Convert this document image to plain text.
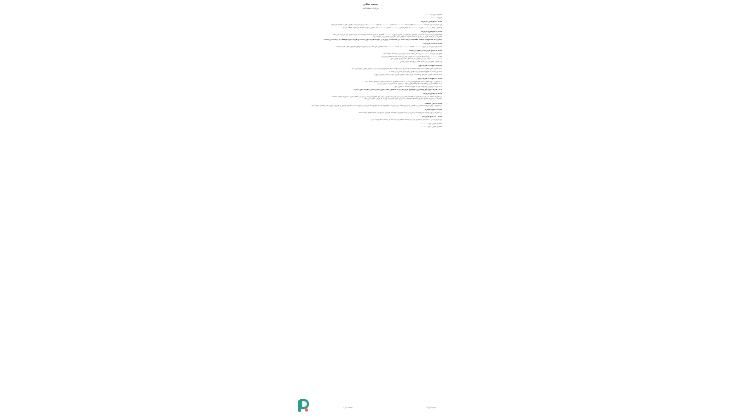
بسمه تعالی
قرارداد مشارکت
شماره قرارداد: ..........
تاریخ: ..........
ماده ۱: طرفین قرارداد
این قرارداد بین شرکت ............ به شماره ثبت ............ به نشانی ............ و تلفن ............ که در این قرارداد «طرف اول» نامیده می‌شود
و آقای / خانم ............ فرزند ............ به شماره ملی ............ ساکن ............ که «طرف دوم» نامیده می‌شود، منعقد گردید.
ماده ۲: موضوع قرارداد
موضوع قرارداد عبارت است از همکاری طرفین در اجرای پروژه ............ مطابق با شرح خدمات پیوست که جزء لاینفک این قرارداد می‌باشد.
تبصره ۱: هرگونه تغییر در شرح خدمات صرفاً با توافق کتبی طرفین امکان‌پذیر خواهد بود.
تبصره ۲: مسئولیت صحت اطلاعات ارائه شده در مستندات پروژه بر عهده طرف اول است و طرف دوم موظف به رعایت آن است.
ماده ۳: مدت قرارداد
مدت این قرارداد از تاریخ ............ لغایت ............ به مدت ............ ماه شمسی می‌باشد و در صورت توافق طرفین قابل تمدید است.
ماده ۴: مبلغ قرارداد و نحوه پرداخت
مبلغ کل قرارداد ............ ریال می‌باشد که به شرح ذیل پرداخت خواهد شد:
الف) ............ درصد مبلغ قرارداد به عنوان پیش‌پرداخت هنگام امضای قرارداد
ب) ............ درصد پس از تحویل مرحله اول کار و تأیید طرف اول
ج) مابقی مبلغ پس از اتمام کامل پروژه و تحویل نهایی
ماده ۵: تعهدات طرف اول
۵-۱- طرف اول متعهد است کلیه اطلاعات و مدارک لازم جهت انجام موضوع قرارداد را در اختیار طرف دوم قرار دهد.
۵-۲- پرداخت به موقع مبالغ قرارداد طبق زمان‌بندی مندرج در ماده ۴
۵-۳- فراهم نمودن شرایط و امکانات لازم جهت حضور طرف دوم در محل اجرای پروژه
ماده ۶: تعهدات طرف دوم
۶-۱- طرف دوم متعهد است موضوع قرارداد را با دقت و مطابق با استانداردهای حرفه‌ای انجام دهد.
۶-۲- حفظ اسرار و اطلاعات محرمانه طرف اول در طول مدت قرارداد و پس از آن
۶-۳- ارائه گزارش پیشرفت کار به صورت ماهانه به طرف اول
۶-۴- طرف دوم حق واگذاری موضوع قرارداد را به شخص ثالث بدون اجازه کتبی طرف اول ندارد.
ماده ۷: فسخ قرارداد
در صورت تخلف هر یک از طرفین از تعهدات مندرج در این قرارداد، طرف دیگر حق فسخ قرارداد را پس از اخطار کتبی ده روزه خواهد داشت.
تبصره: در صورت فسخ، طرف متخلف موظف به جبران کلیه خسارات وارده به طرف مقابل می‌باشد.
ماده ۸: حل اختلاف
در صورت بروز هرگونه اختلاف در تفسیر یا اجرای مفاد این قرارداد، موضوع ابتدا از طریق مذاکره و در صورت عدم حصول توافق از طریق داوری حل و فصل خواهد شد.
ماده ۹: قوه قاهره
در صورت بروز حوادث غیرمترقبه و خارج از اراده طرفین، تعهدات طرفین تا رفع آن حالت معلق خواهد ماند.
ماده ۱۰: نسخ قرارداد
این قرارداد در ۱۰ ماده و ۳ تبصره و در دو نسخه تنظیم گردیده که هر نسخه حکم واحد دارد.
امضای طرف اول: ............
امضای طرف دوم: ............
صفحه ۱ از ۱	نمونه قرارداد
